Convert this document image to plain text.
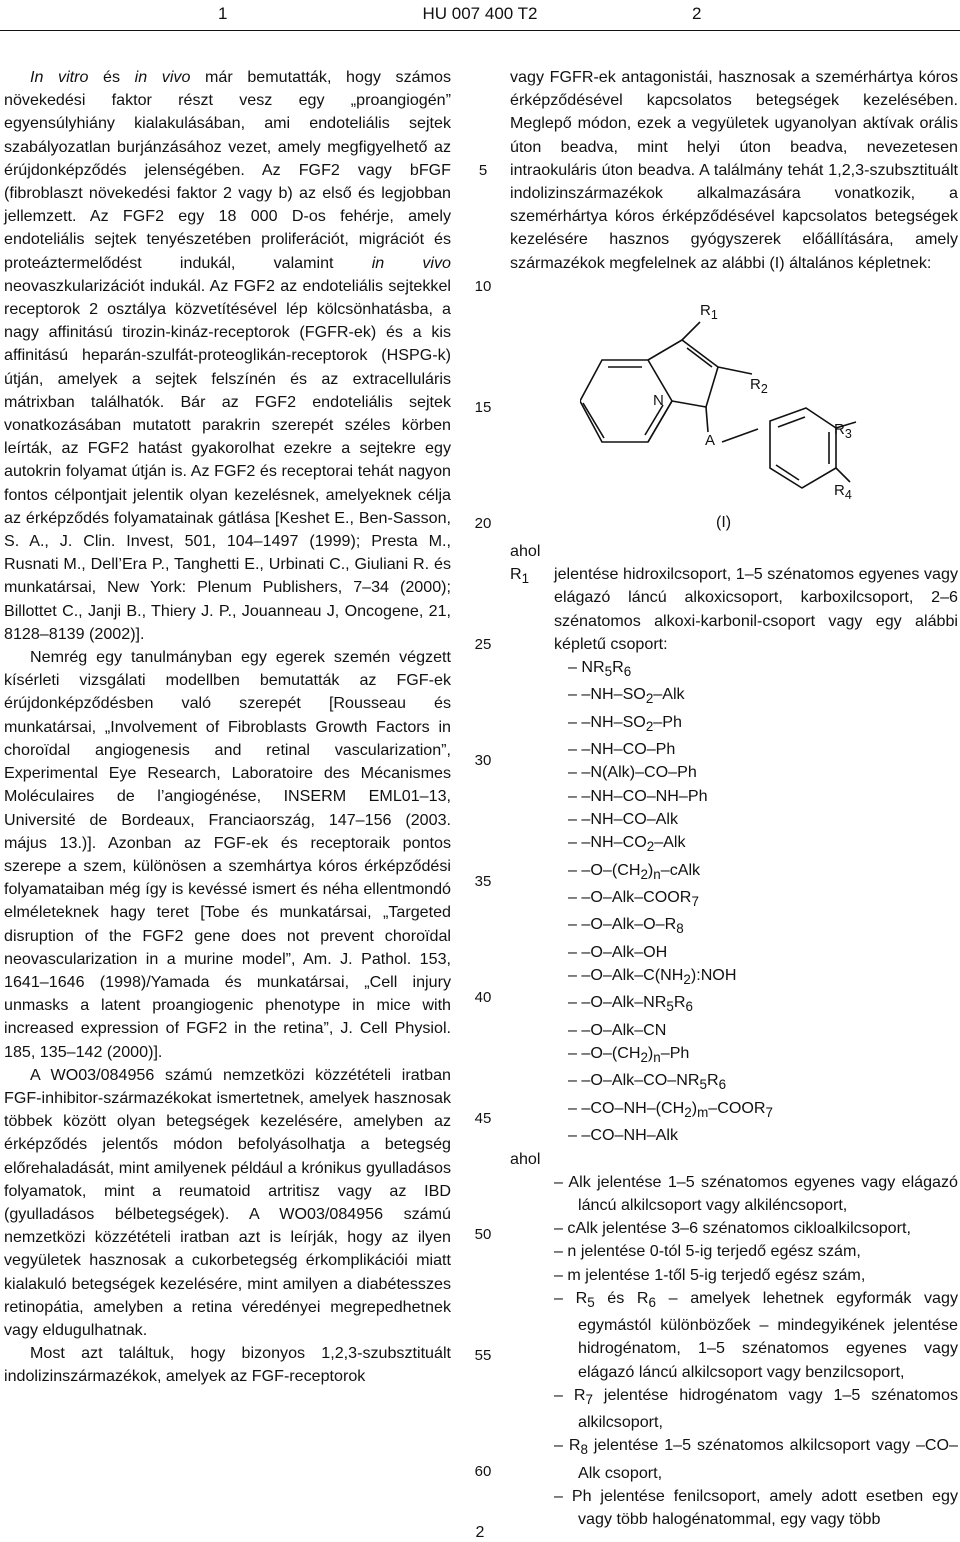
1	HU 007 400 T2	2

In vitro és in vivo már bemutatták, hogy számos növekedési faktor részt vesz egy „proangiogén” egyensúlyhiány kialakulásában, ami endoteliális sejtek szabályozatlan burjánzásához vezet, amely megfigyelhető az érújdonképződés jelenségében. Az FGF2 vagy bFGF (fibroblaszt növekedési faktor 2 vagy b) az első és legjobban jellemzett. Az FGF2 egy 18 000 D-os fehérje, amely endoteliális sejtek tenyészetében proliferációt, migrációt és proteáztermelődést indukál, valamint in vivo neovaszkularizációt indukál. Az FGF2 az endoteliális sejtekkel receptorok 2 osztálya közvetítésével lép kölcsönhatásba, a nagy affinitású tirozin-kináz-receptorok (FGFR-ek) és a kis affinitású heparán-szulfát-proteoglikán-receptorok (HSPG-k) útján, amelyek a sejtek felszínén és az extracelluláris mátrixban találhatók. Bár az FGF2 endoteliális sejtek vonatkozásában mutatott parakrin szerepét széles körben leírták, az FGF2 hatást gyakorolhat ezekre a sejtekre egy autokrin folyamat útján is. Az FGF2 és receptorai tehát nagyon fontos célpontjait jelentik olyan kezelésnek, amelyeknek célja az érképződés folyamatainak gátlása [Keshet E., Ben-Sasson, S. A., J. Clin. Invest, 501, 104–1497 (1999); Presta M., Rusnati M., Dell’Era P., Tanghetti E., Urbinati C., Giuliani R. és munkatársai, New York: Plenum Publishers, 7–34 (2000); Billottet C., Janji B., Thiery J. P., Jouanneau J, Oncogene, 21, 8128–8139 (2002)].

Nemrég egy tanulmányban egy egerek szemén végzett kísérleti vizsgálati modellben bemutatták az FGF-ek érújdonképződésben való szerepét [Rousseau és munkatársai, „Involvement of Fibroblasts Growth Factors in choroïdal angiogenesis and retinal vascularization”, Experimental Eye Research, Laboratoire des Mécanismes Moléculaires de l’angiogénése, INSERM EML01–13, Université de Bordeaux, Franciaország, 147–156 (2003. május 13.)]. Azonban az FGF-ek és receptoraik pontos szerepe a szem, különösen a szemhártya kóros érképződési folyamataiban még így is kevéssé ismert és néha ellentmondó elméleteknek hagy teret [Tobe és munkatársai, „Targeted disruption of the FGF2 gene does not prevent choroïdal neovascularization in a murine model”, Am. J. Pathol. 153, 1641–1646 (1998)/Yamada és munkatársai, „Cell injury unmasks a latent proangiogenic phenotype in mice with increased expression of FGF2 in the retina”, J. Cell Physiol. 185, 135–142 (2000)].

A WO03/084956 számú nemzetközi közzétételi iratban FGF-inhibitor-származékokat ismertetnek, amelyek hasznosak többek között olyan betegségek kezelésére, amelyben az érképződés jelentős módon befolyásolhatja a betegség előrehaladását, mint amilyenek például a krónikus gyulladásos folyamatok, mint a reumatoid artritisz vagy az IBD (gyulladásos bélbetegségek). A WO03/084956 számú nemzetközi közzétételi iratban azt is leírják, hogy az ilyen vegyületek hasznosak a cukorbetegség érkomplikációi miatt kialakuló betegségek kezelésére, mint amilyen a diabétesszes retinopátia, amelyben a retina véredényei megrepedhetnek vagy eldugulhatnak.

Most azt találtuk, hogy bizonyos 1,2,3-szubsztituált indolizinszármazékok, amelyek az FGF-receptorok

5
10
15
20
25
30
35
40
45
50
55
60

vagy FGFR-ek antagonistái, hasznosak a szemérhártya kóros érképződésével kapcsolatos betegségek kezelésében. Meglepő módon, ezek a vegyületek ugyanolyan aktívak orális úton beadva, mint helyi úton beadva, nevezetesen intraokuláris úton beadva. A találmány tehát 1,2,3-szubsztituált indolizinszármazékok alkalmazására vonatkozik, a szemérhártya kóros érképződésével kapcsolatos betegségek kezelésére hasznos gyógyszerek előállítására, amely származékok megfelelnek az alábbi (I) általános képletnek:

$R_1$
$R_2$
$R_3$
$R_4$
N
A
(I)
ahol
$R_1$	jelentése hidroxilcsoport, 1–5 szénatomos egyenes vagy elágazó láncú alkoxicsoport, karboxilcsoport, 2–6 szénatomos alkoxi-karbonil-csoport vagy egy alábbi képletű csoport:
– $NR_5R_6$
– $-NH-SO_2$–Alk
– $-NH-SO_2-Ph$
– –NH–CO–Ph
– –N(Alk)–CO–Ph
– –NH–CO–NH–Ph
– –NH–CO–Alk
– $-NH-CO_2$–Alk
– $-O-(CH_2)_n$–cAlk
– $-O-Alk-COOR_7$
– $-O-Alk-O-R_8$
– –O–Alk–OH
– $-O-Alk-C(NH_2):NOH$
– $-O-Alk-NR_5R_6$
– –O–Alk–CN
– $-O-(CH_2)_n-Ph$
– $-O-Alk-CO-NR_5R_6$
– $-CO-NH-(CH_2)_m-COOR_7$
– –CO–NH–Alk
ahol
– Alk jelentése 1–5 szénatomos egyenes vagy elágazó láncú alkilcsoport vagy alkiléncsoport,
– cAlk jelentése 3–6 szénatomos cikloalkilcsoport,
– n jelentése 0-tól 5-ig terjedő egész szám,
– m jelentése 1-től 5-ig terjedő egész szám,
– $R_5$ és $R_6$ – amelyek lehetnek egyformák vagy egymástól különbözőek – mindegyikének jelentése hidrogénatom, 1–5 szénatomos egyenes vagy elágazó láncú alkilcsoport vagy benzilcsoport,
– $R_7$ jelentése hidrogénatom vagy 1–5 szénatomos alkilcsoport,
– $R_8$ jelentése 1–5 szénatomos alkilcsoport vagy –CO–Alk csoport,
– Ph jelentése fenilcsoport, amely adott esetben egy vagy több halogénatommal, egy vagy több
2
